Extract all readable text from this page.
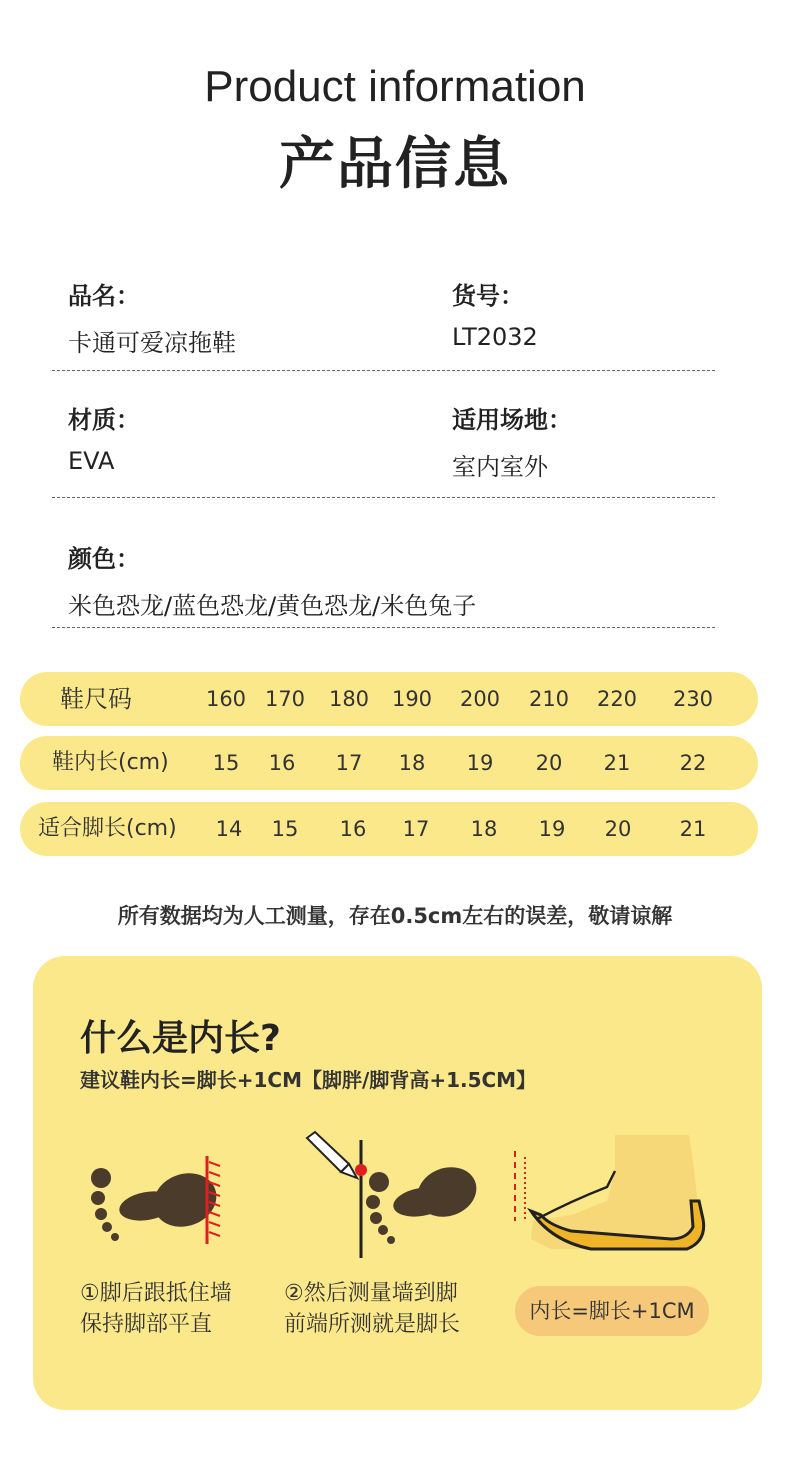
Product information
产品信息
品名：
卡通可爱凉拖鞋
货号：
LT2032
材质：
EVA
适用场地：
室内室外
颜色：
米色恐龙/蓝色恐龙/黄色恐龙/米色兔子
鞋尺码	160 170	180	190	200	210	220	230
鞋内长(cm)	15	16	17	18	19	20	21	22
适合脚长(cm)	14	15	16	17	18	19	20	21
所有数据均为人工测量，存在0.5cm左右的误差，敬请谅解
什么是内长?
建议鞋内长=脚长+1CM【脚胖/脚背高+1.5CM】
①脚后跟抵住墙
保持脚部平直
②然后测量墙到脚
前端所测就是脚长
内长=脚长+1CM
